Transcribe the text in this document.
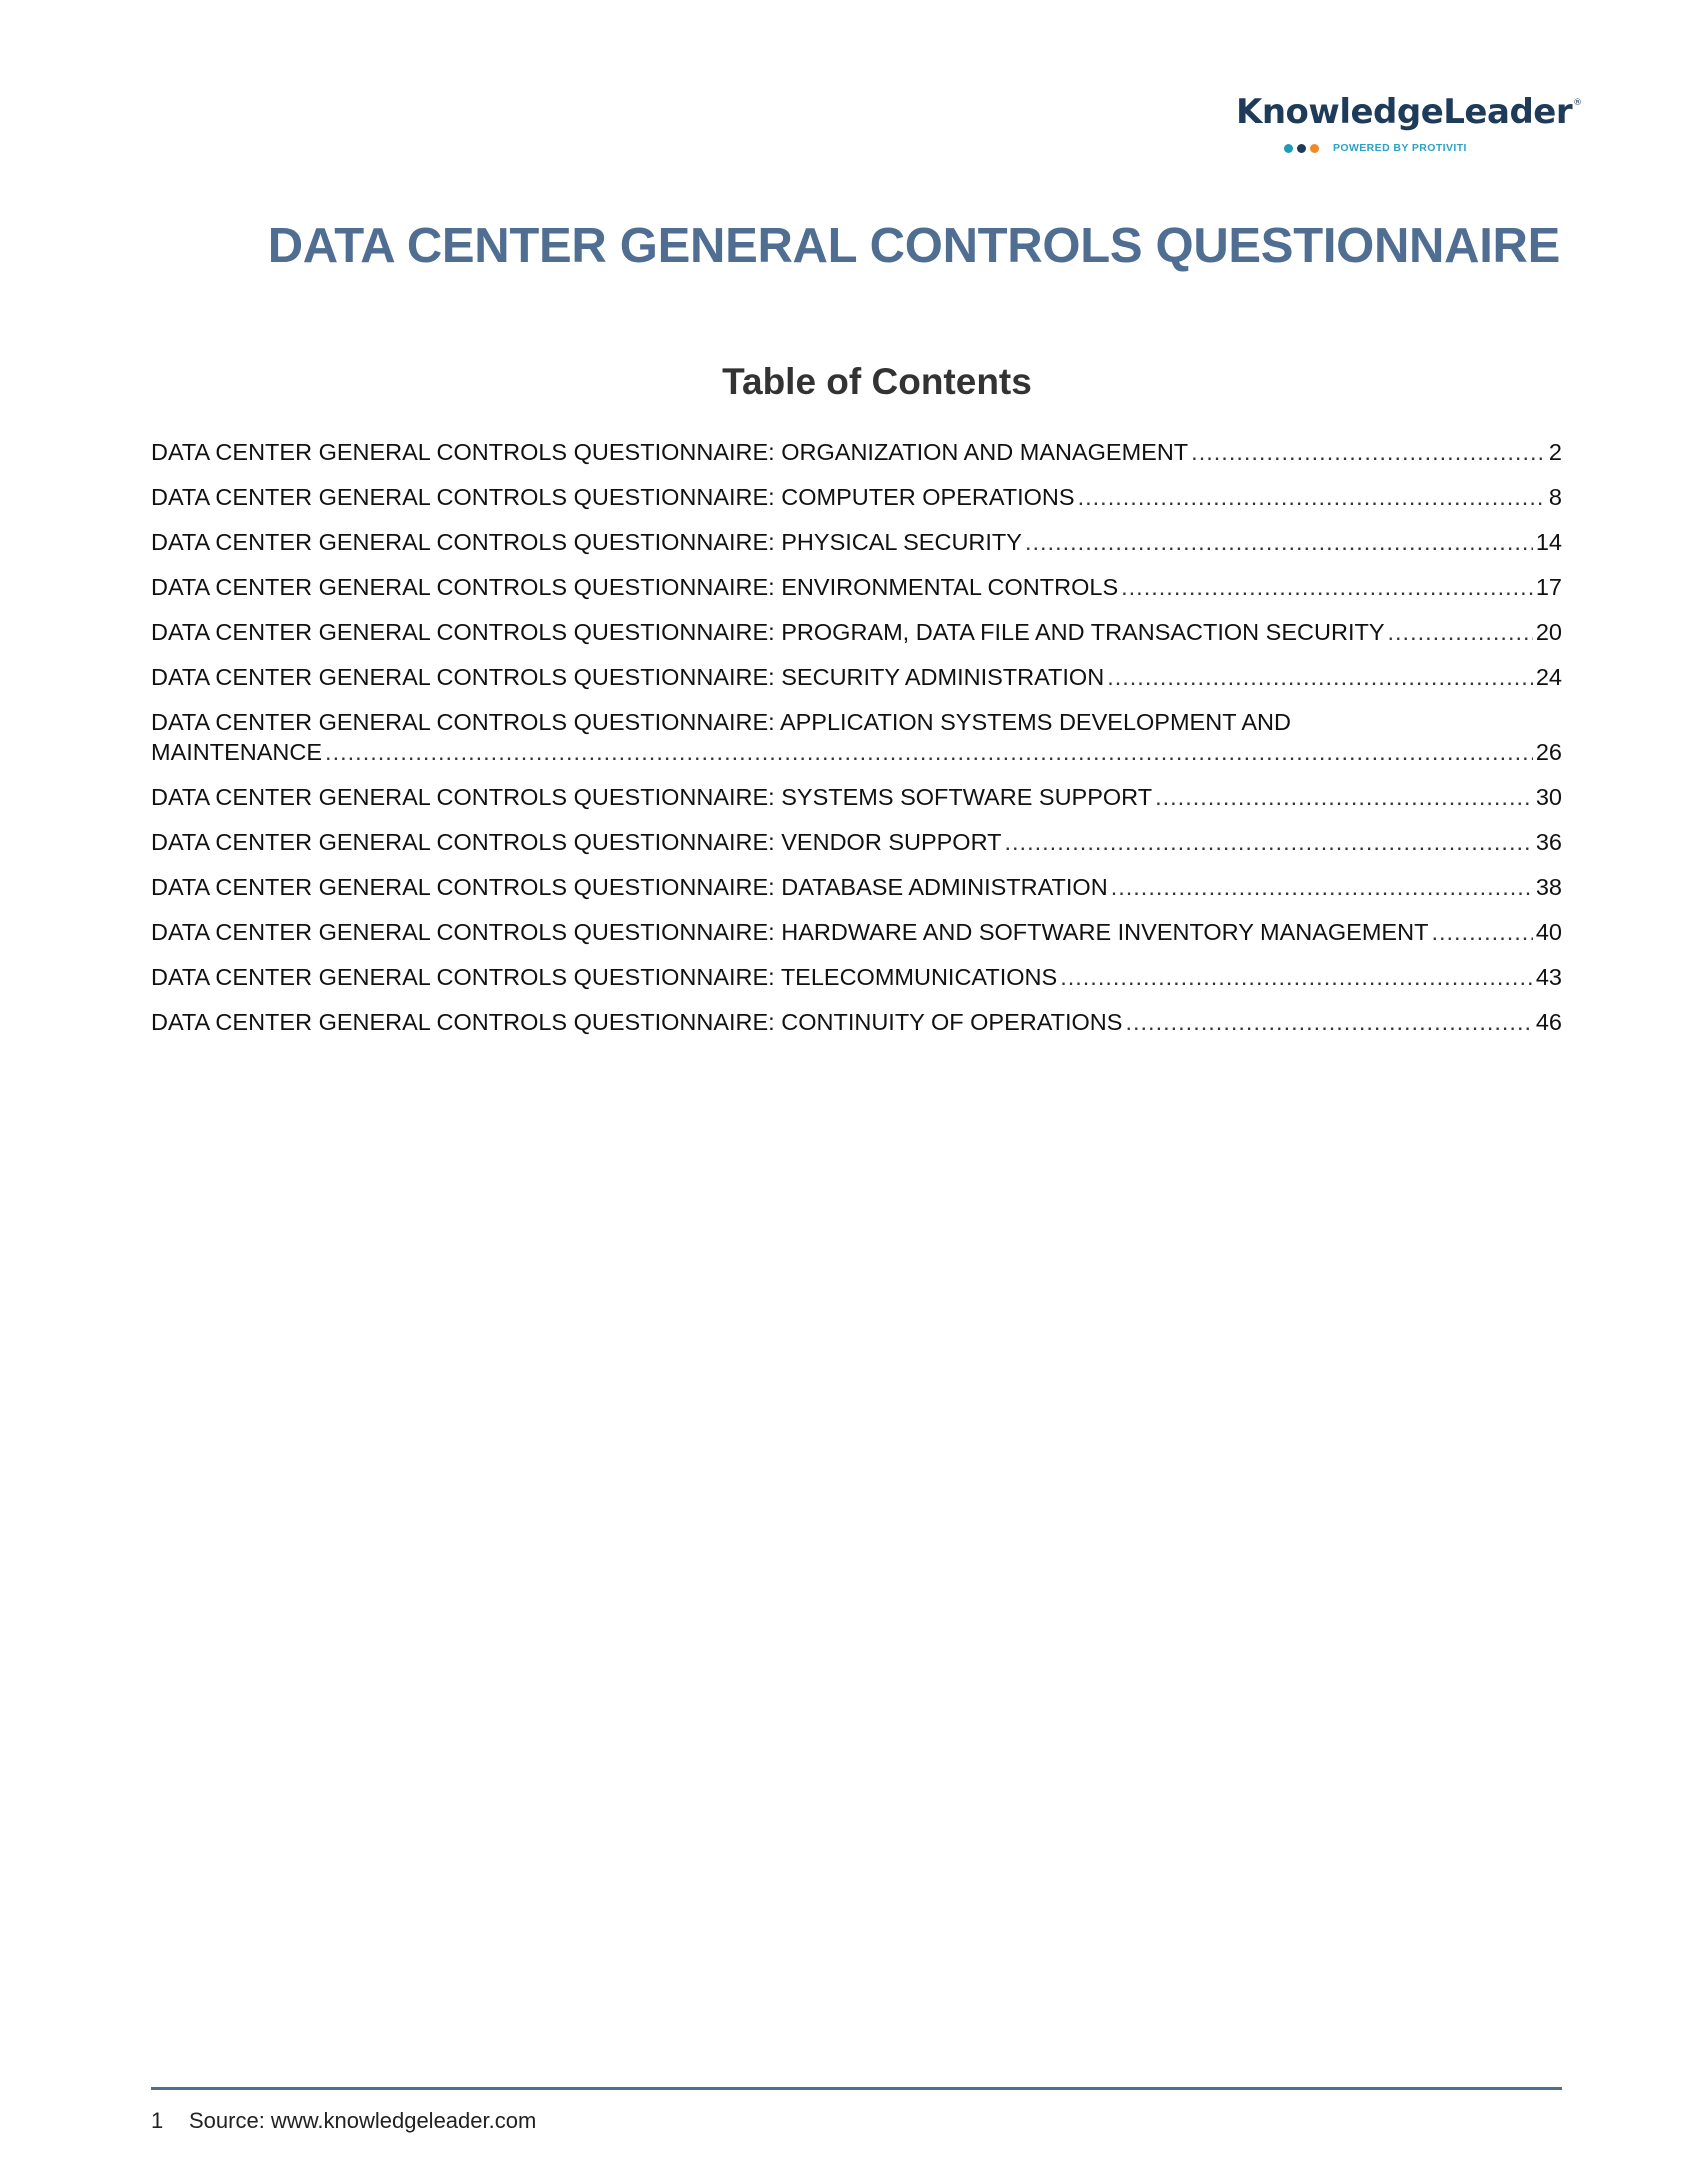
KnowledgeLeader®
POWERED BY PROTIVITI
DATA CENTER GENERAL CONTROLS QUESTIONNAIRE
Table of Contents
DATA CENTER GENERAL CONTROLS QUESTIONNAIRE: ORGANIZATION AND MANAGEMENT .....	2
DATA CENTER GENERAL CONTROLS QUESTIONNAIRE: COMPUTER OPERATIONS .....	8
DATA CENTER GENERAL CONTROLS QUESTIONNAIRE: PHYSICAL SECURITY .....	14
DATA CENTER GENERAL CONTROLS QUESTIONNAIRE: ENVIRONMENTAL CONTROLS .....	17
DATA CENTER GENERAL CONTROLS QUESTIONNAIRE: PROGRAM, DATA FILE AND TRANSACTION SECURITY .....	20
DATA CENTER GENERAL CONTROLS QUESTIONNAIRE: SECURITY ADMINISTRATION .....	24
DATA CENTER GENERAL CONTROLS QUESTIONNAIRE: APPLICATION SYSTEMS DEVELOPMENT AND
MAINTENANCE .....	26
DATA CENTER GENERAL CONTROLS QUESTIONNAIRE: SYSTEMS SOFTWARE SUPPORT .....	30
DATA CENTER GENERAL CONTROLS QUESTIONNAIRE: VENDOR SUPPORT .....	36
DATA CENTER GENERAL CONTROLS QUESTIONNAIRE: DATABASE ADMINISTRATION .....	38
DATA CENTER GENERAL CONTROLS QUESTIONNAIRE: HARDWARE AND SOFTWARE INVENTORY MANAGEMENT .....	40
DATA CENTER GENERAL CONTROLS QUESTIONNAIRE: TELECOMMUNICATIONS .....	43
DATA CENTER GENERAL CONTROLS QUESTIONNAIRE: CONTINUITY OF OPERATIONS .....	46
1	Source: www.knowledgeleader.com
